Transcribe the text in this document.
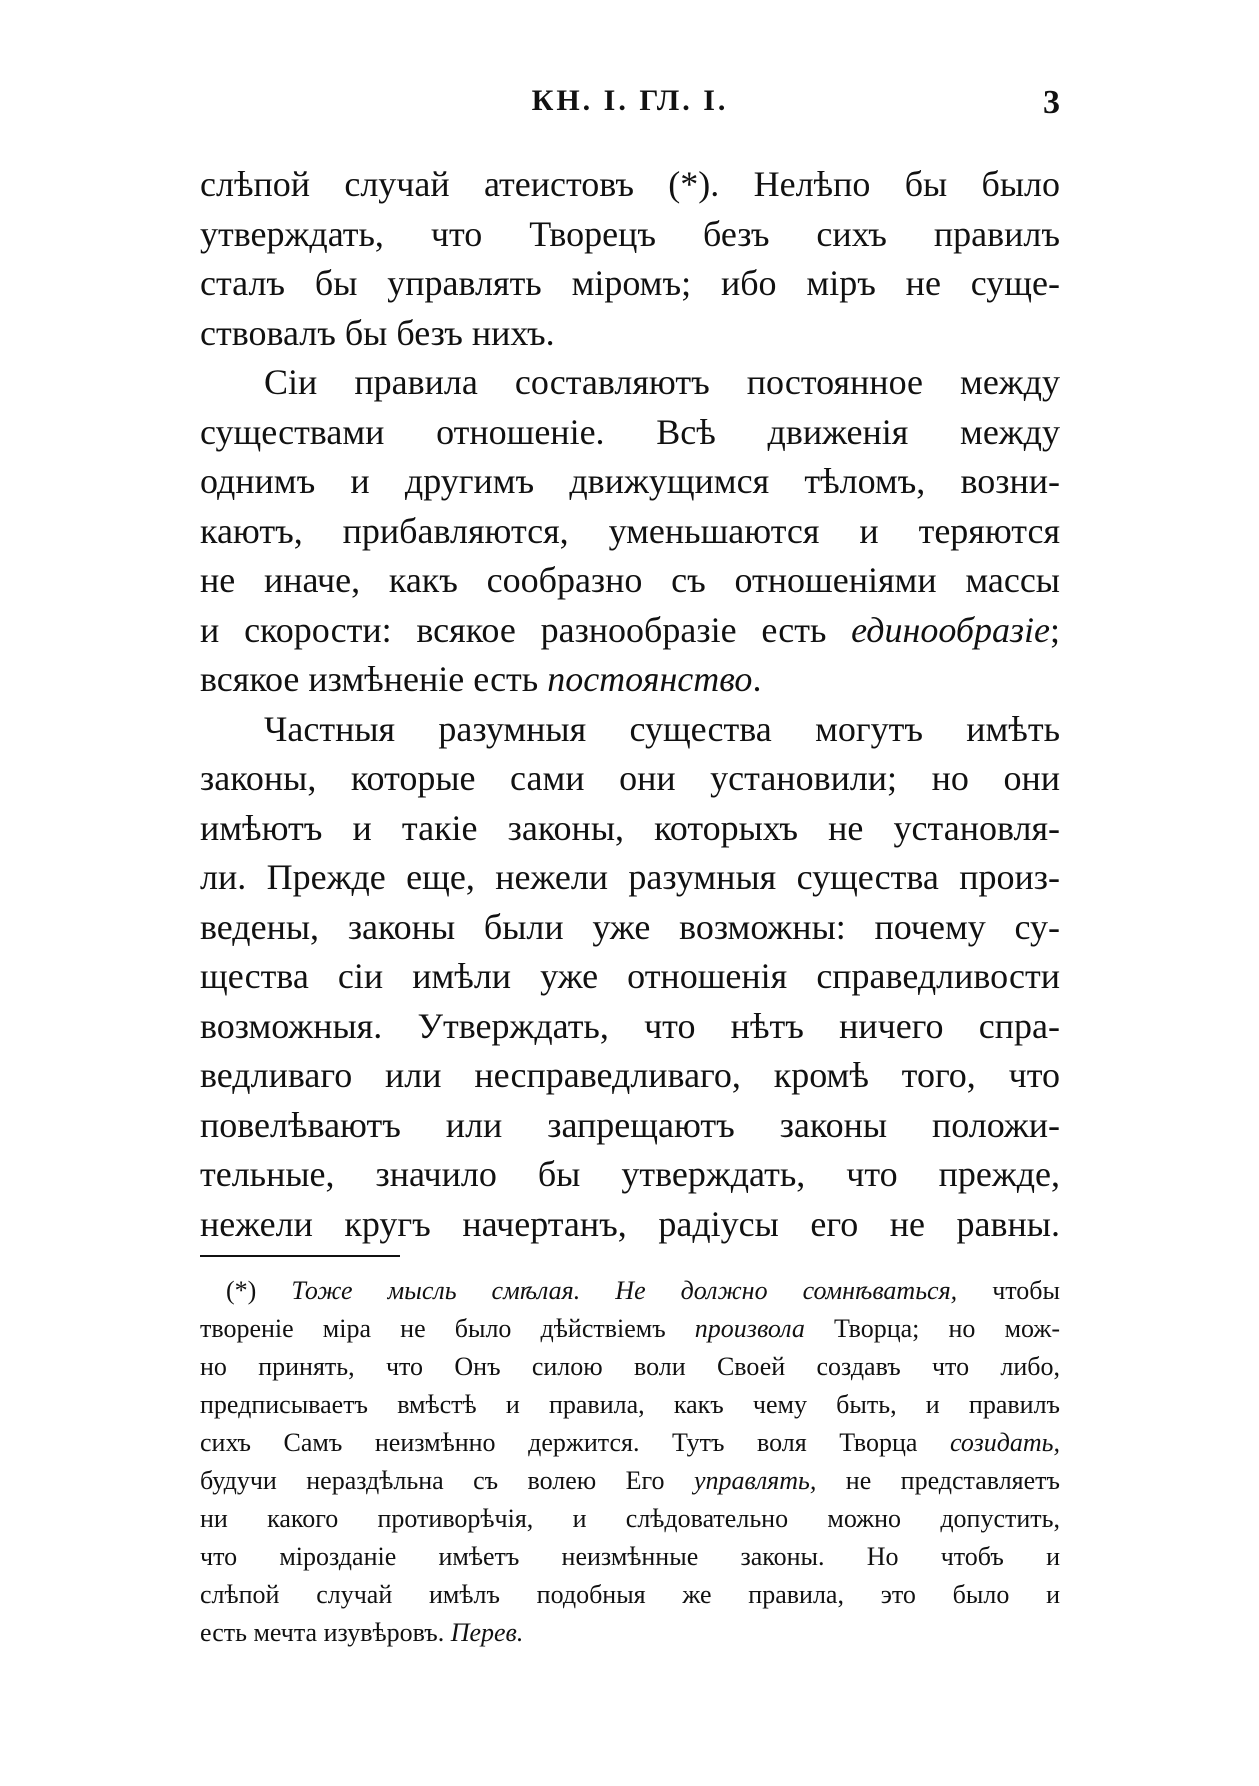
КН. I. ГЛ. I.	3
слѣпой случай атеистовъ (*). Нелѣпо бы было
утверждать, что Творецъ безъ сихъ правилъ
сталъ бы управлять міромъ; ибо міръ не суще-
ствовалъ бы безъ нихъ.
Сіи правила составляютъ постоянное между
существами отношеніе. Всѣ движенія между
однимъ и другимъ движущимся тѣломъ, возни-
каютъ, прибавляются, уменьшаются и теряются
не иначе, какъ сообразно съ отношеніями массы
и скорости: всякое разнообразіе есть единообразіе;
всякое измѣненіе есть постоянство.
Частныя разумныя существа могутъ имѣть
законы, которые сами они установили; но они
имѣютъ и такіе законы, которыхъ не установля-
ли. Прежде еще, нежели разумныя существа произ-
ведены, законы были уже возможны: почему су-
щества сіи имѣли уже отношенія справедливости
возможныя. Утверждать, что нѣтъ ничего спра-
ведливаго или несправедливаго, кромѣ того, что
повелѣваютъ или запрещаютъ законы положи-
тельные, значило бы утверждать, что прежде,
нежели кругъ начертанъ, радіусы его не равны.
(*) Тоже мысль смѣлая. Не должно сомнѣваться, чтобы
твореніе міра не было дѣйствіемъ произвола Творца; но мож-
но принять, что Онъ силою воли Своей создавъ что либо,
предписываетъ вмѣстѣ и правила, какъ чему быть, и правилъ
сихъ Самъ неизмѣнно держится. Тутъ воля Творца созидать,
будучи нераздѣльна съ волею Его управлять, не представляетъ
ни какого противорѣчія, и слѣдовательно можно допустить,
что мірозданіе имѣетъ неизмѣнные законы. Но чтобъ и
слѣпой случай имѣлъ подобныя же правила, это было и
есть мечта изувѣровъ. Перев.
